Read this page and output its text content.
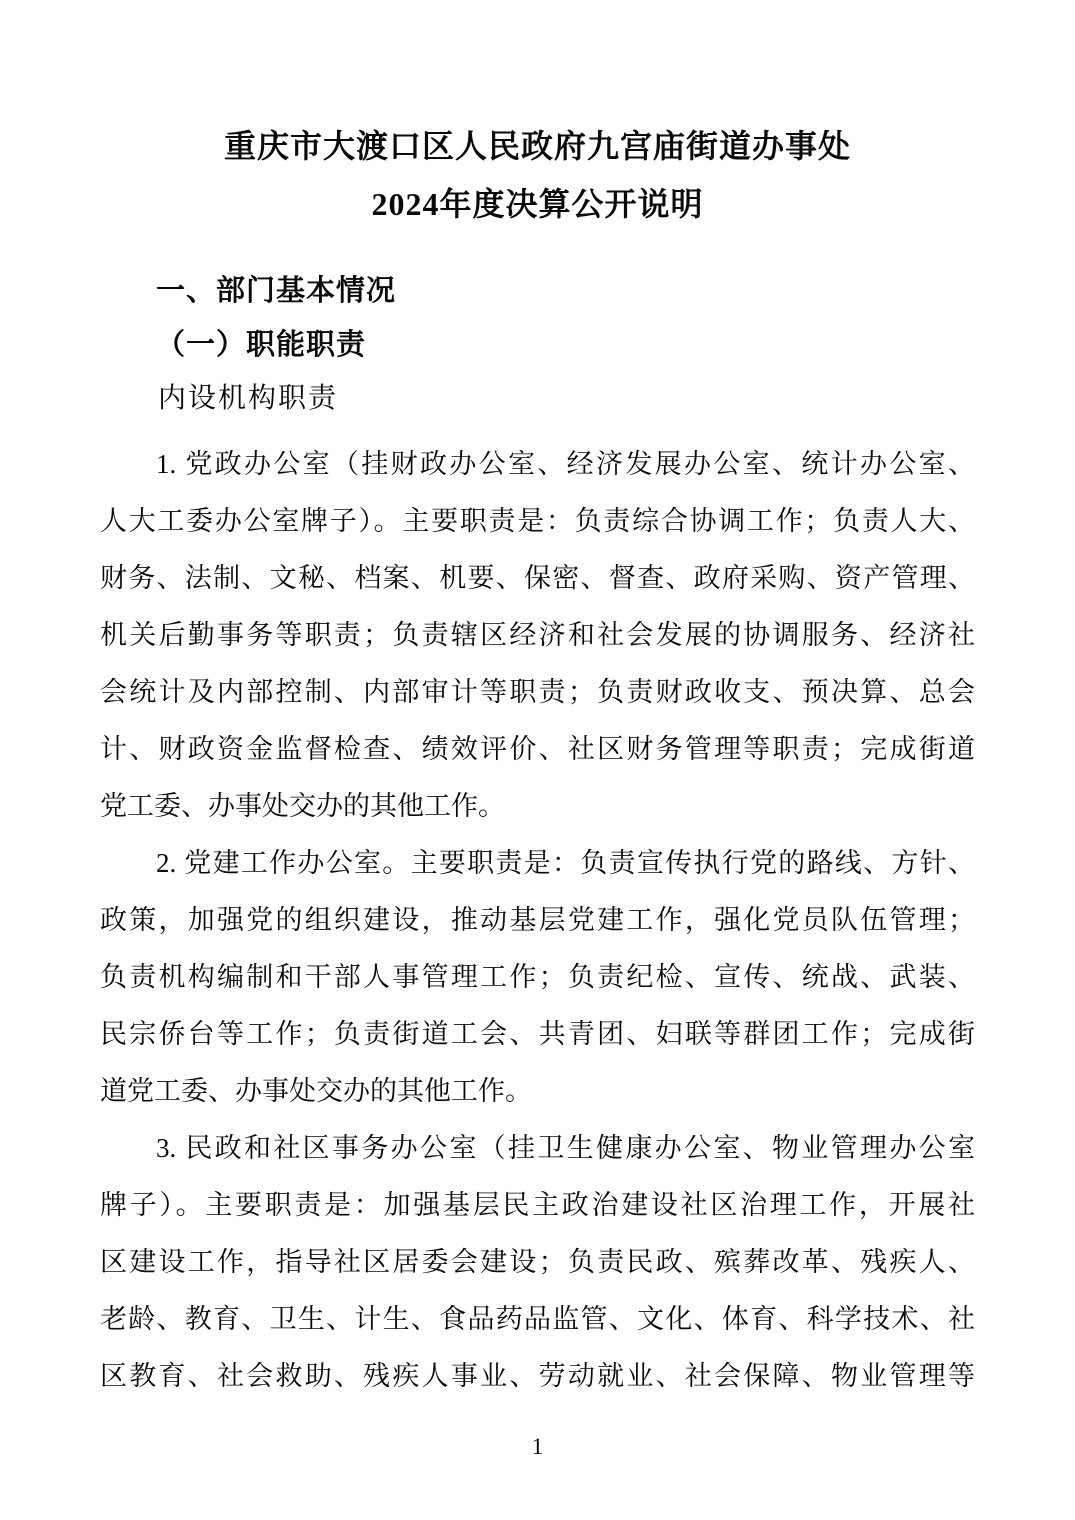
重庆市大渡口区人民政府九宫庙街道办事处
2024年度决算公开说明
一、部门基本情况
（一）职能职责
内设机构职责
1. 党政办公室（挂财政办公室、经济发展办公室、统计办公室、
人大工委办公室牌子）。主要职责是：负责综合协调工作；负责人大、
财务、法制、文秘、档案、机要、保密、督查、政府采购、资产管理、
机关后勤事务等职责；负责辖区经济和社会发展的协调服务、经济社
会统计及内部控制、内部审计等职责；负责财政收支、预决算、总会
计、财政资金监督检查、绩效评价、社区财务管理等职责；完成街道
党工委、办事处交办的其他工作。
2. 党建工作办公室。主要职责是：负责宣传执行党的路线、方针、
政策，加强党的组织建设，推动基层党建工作，强化党员队伍管理；
负责机构编制和干部人事管理工作；负责纪检、宣传、统战、武装、
民宗侨台等工作；负责街道工会、共青团、妇联等群团工作；完成街
道党工委、办事处交办的其他工作。
3. 民政和社区事务办公室（挂卫生健康办公室、物业管理办公室
牌子）。主要职责是：加强基层民主政治建设社区治理工作，开展社
区建设工作，指导社区居委会建设；负责民政、殡葬改革、残疾人、
老龄、教育、卫生、计生、食品药品监管、文化、体育、科学技术、社
区教育、社会救助、残疾人事业、劳动就业、社会保障、物业管理等
1
